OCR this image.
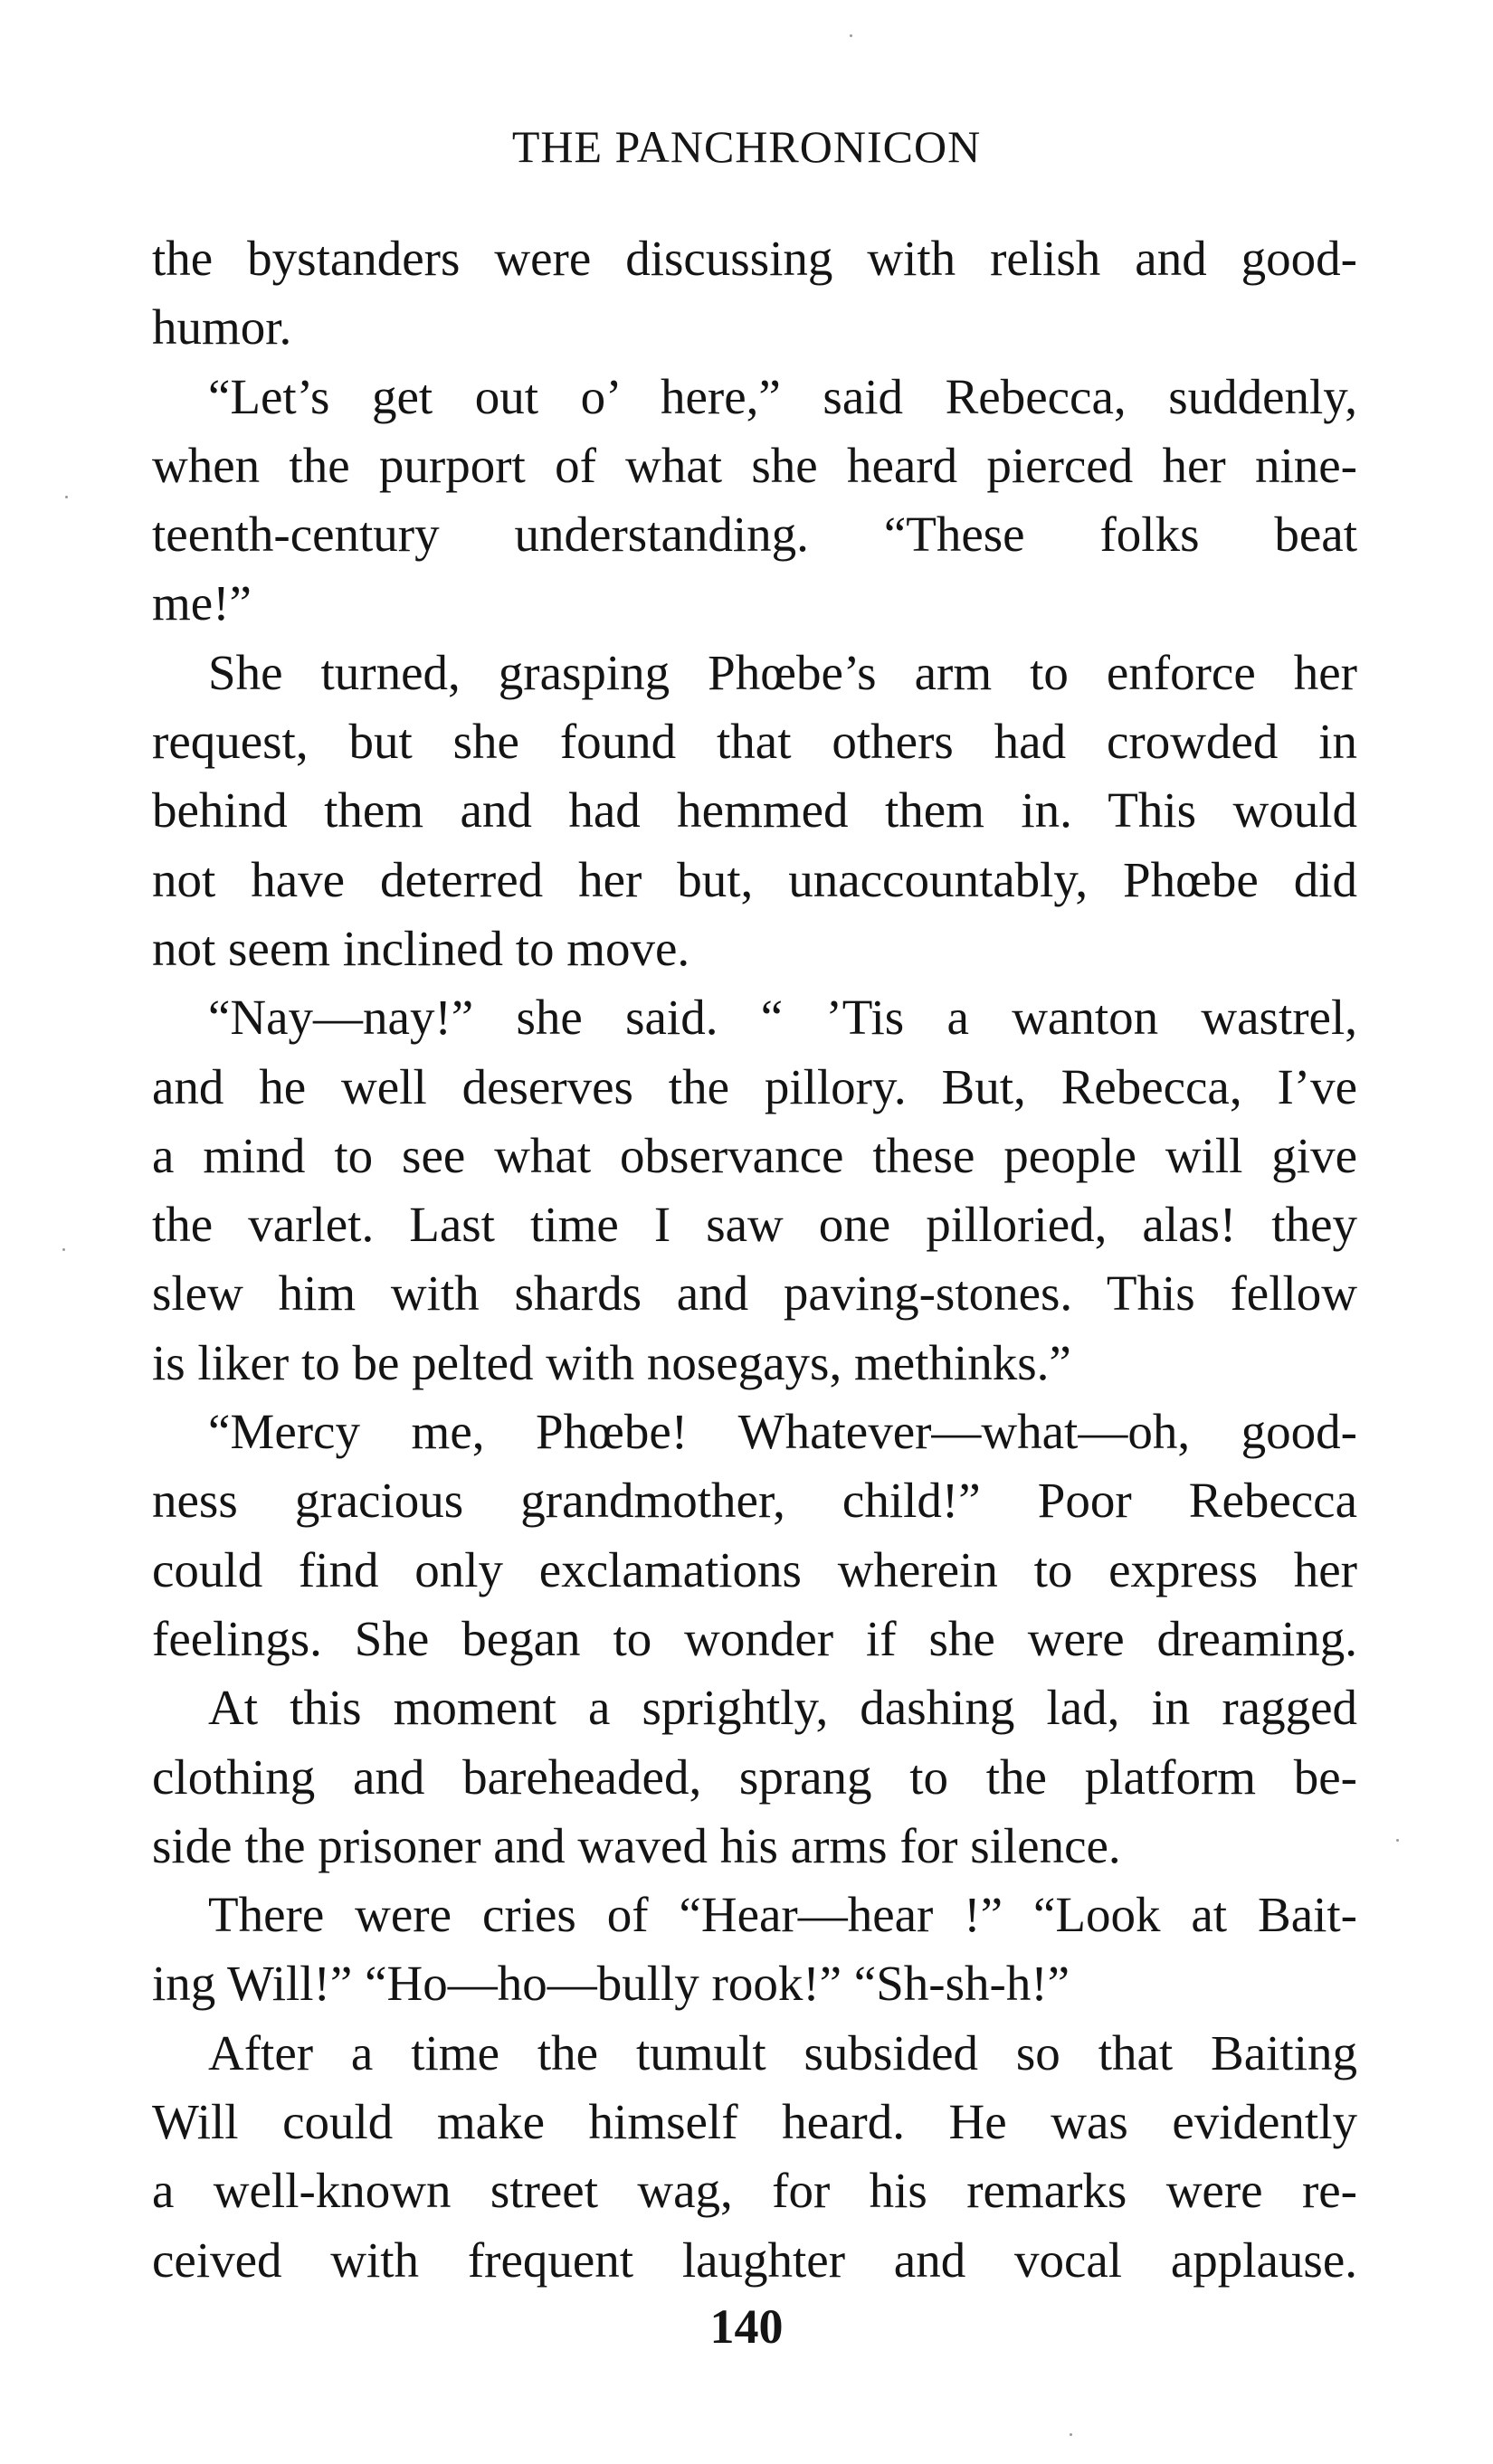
THE PANCHRONICON
the bystanders were discussing with relish and good-
humor.
“Let’s get out o’ here,” said Rebecca, suddenly,
when the purport of what she heard pierced her nine-
teenth-century understanding. “These folks beat
me!”
She turned, grasping Phœbe’s arm to enforce her
request, but she found that others had crowded in
behind them and had hemmed them in. This would
not have deterred her but, unaccountably, Phœbe did
not seem inclined to move.
“Nay—nay!” she said. “ ’Tis a wanton wastrel,
and he well deserves the pillory. But, Rebecca, I’ve
a mind to see what observance these people will give
the varlet. Last time I saw one pilloried, alas! they
slew him with shards and paving-stones. This fellow
is liker to be pelted with nosegays, methinks.”
“Mercy me, Phœbe! Whatever—what—oh, good-
ness gracious grandmother, child!” Poor Rebecca
could find only exclamations wherein to express her
feelings. She began to wonder if she were dreaming.
At this moment a sprightly, dashing lad, in ragged
clothing and bareheaded, sprang to the platform be-
side the prisoner and waved his arms for silence.
There were cries of “Hear—hear !” “Look at Bait-
ing Will!” “Ho—ho—bully rook!” “Sh-sh-h!”
After a time the tumult subsided so that Baiting
Will could make himself heard. He was evidently
a well-known street wag, for his remarks were re-
ceived with frequent laughter and vocal applause.
140
